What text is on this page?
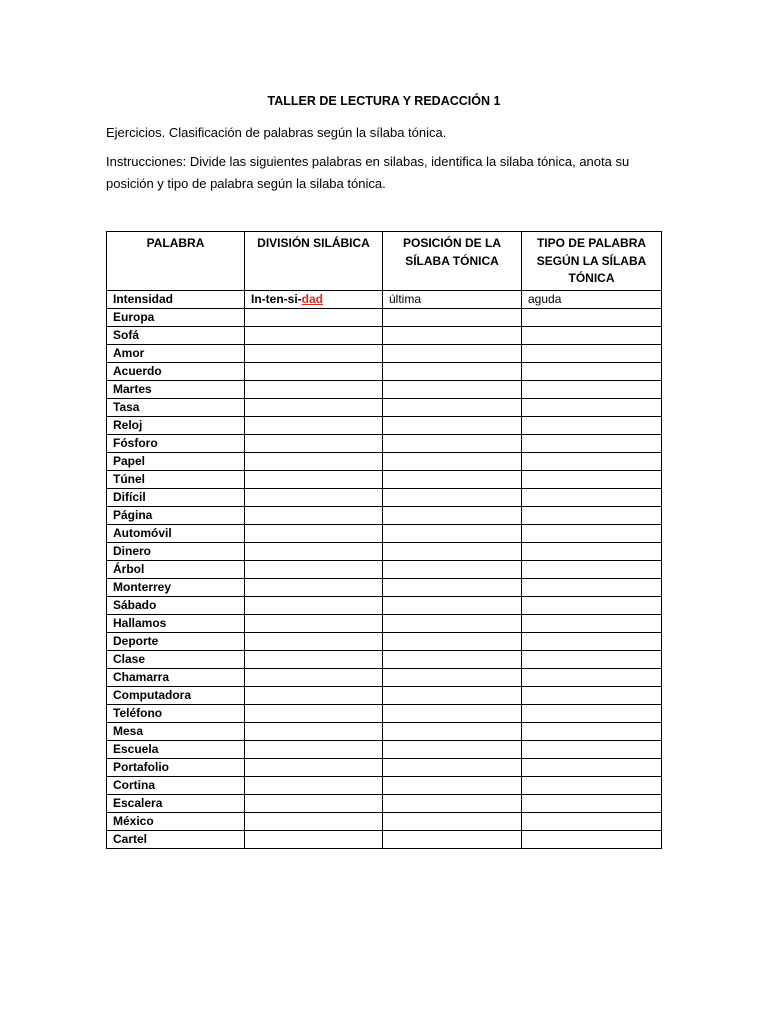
TALLER DE LECTURA Y REDACCIÓN 1
Ejercicios. Clasificación de palabras según la sílaba tónica.
Instrucciones: Divide las siguientes palabras en silabas, identifica la silaba tónica, anota su posición y tipo de palabra según la silaba tónica.
PALABRA	DIVISIÓN SILÁBICA	POSICIÓN DE LA SÍLABA TÓNICA	TIPO DE PALABRA SEGÚN LA SÍLABA TÓNICA
Intensidad	In-ten-si-dad	última	aguda
Europa			
Sofá			
Amor			
Acuerdo			
Martes			
Tasa			
Reloj			
Fósforo			
Papel			
Túnel			
Difícil			
Página			
Automóvil			
Dinero			
Árbol			
Monterrey			
Sábado			
Hallamos			
Deporte			
Clase			
Chamarra			
Computadora			
Teléfono			
Mesa			
Escuela			
Portafolio			
Cortina			
Escalera			
México			
Cartel			
